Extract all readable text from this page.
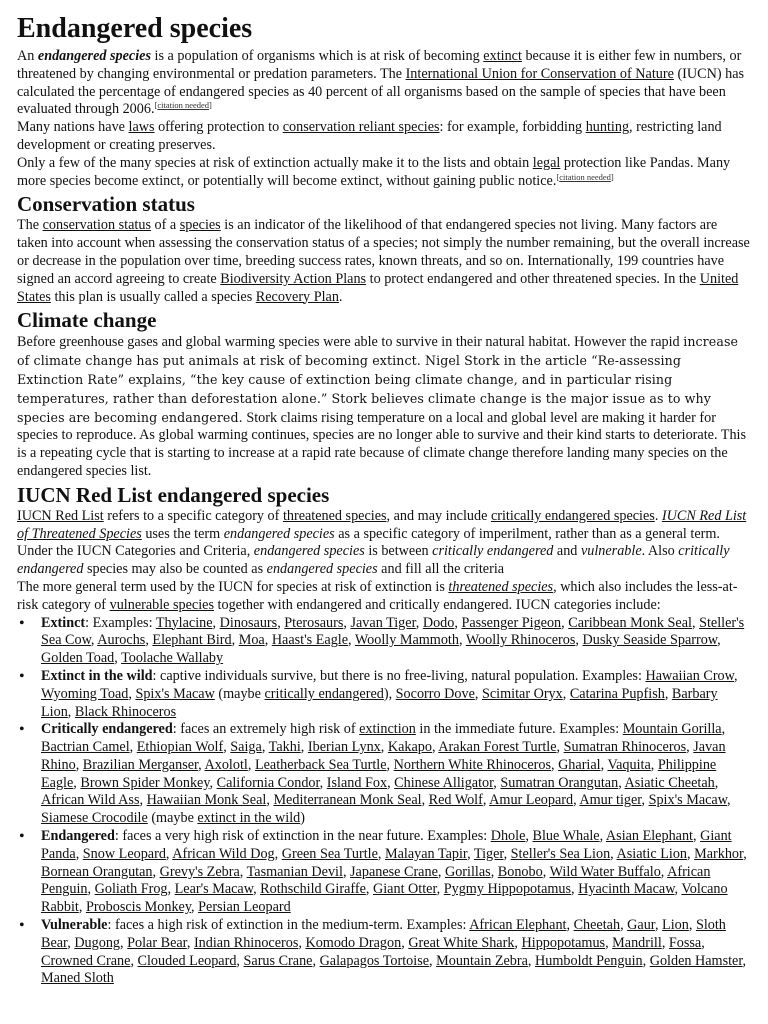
Endangered species

An endangered species is a population of organisms which is at risk of becoming extinct because it is either few in numbers, or threatened by changing environmental or predation parameters. The International Union for Conservation of Nature (IUCN) has calculated the percentage of endangered species as 40 percent of all organisms based on the sample of species that have been evaluated through 2006.[citation needed]

Many nations have laws offering protection to conservation reliant species: for example, forbidding hunting, restricting land development or creating preserves.

Only a few of the many species at risk of extinction actually make it to the lists and obtain legal protection like Pandas. Many more species become extinct, or potentially will become extinct, without gaining public notice.[citation needed]

Conservation status

The conservation status of a species is an indicator of the likelihood of that endangered species not living. Many factors are taken into account when assessing the conservation status of a species; not simply the number remaining, but the overall increase or decrease in the population over time, breeding success rates, known threats, and so on. Internationally, 199 countries have signed an accord agreeing to create Biodiversity Action Plans to protect endangered and other threatened species. In the United States this plan is usually called a species Recovery Plan.

Climate change

Before greenhouse gases and global warming species were able to survive in their natural habitat. However the rapid increase of climate change has put animals at risk of becoming extinct. Nigel Stork in the article “Re-assessing Extinction Rate” explains, “the key cause of extinction being climate change, and in particular rising temperatures, rather than deforestation alone.” Stork believes climate change is the major issue as to why species are becoming endangered. Stork claims rising temperature on a local and global level are making it harder for species to reproduce. As global warming continues, species are no longer able to survive and their kind starts to deteriorate. This is a repeating cycle that is starting to increase at a rapid rate because of climate change therefore landing many species on the endangered species list.

IUCN Red List endangered species

IUCN Red List refers to a specific category of threatened species, and may include critically endangered species. IUCN Red List of Threatened Species uses the term endangered species as a specific category of imperilment, rather than as a general term. Under the IUCN Categories and Criteria, endangered species is between critically endangered and vulnerable. Also critically endangered species may also be counted as endangered species and fill all the criteria

The more general term used by the IUCN for species at risk of extinction is threatened species, which also includes the less-at-risk category of vulnerable species together with endangered and critically endangered. IUCN categories include:

• Extinct: Examples: Thylacine, Dinosaurs, Pterosaurs, Javan Tiger, Dodo, Passenger Pigeon, Caribbean Monk Seal, Steller's Sea Cow, Aurochs, Elephant Bird, Moa, Haast's Eagle, Woolly Mammoth, Woolly Rhinoceros, Dusky Seaside Sparrow, Golden Toad, Toolache Wallaby
• Extinct in the wild: captive individuals survive, but there is no free-living, natural population. Examples: Hawaiian Crow, Wyoming Toad, Spix's Macaw (maybe critically endangered), Socorro Dove, Scimitar Oryx, Catarina Pupfish, Barbary Lion, Black Rhinoceros
• Critically endangered: faces an extremely high risk of extinction in the immediate future. Examples: Mountain Gorilla, Bactrian Camel, Ethiopian Wolf, Saiga, Takhi, Iberian Lynx, Kakapo, Arakan Forest Turtle, Sumatran Rhinoceros, Javan Rhino, Brazilian Merganser, Axolotl, Leatherback Sea Turtle, Northern White Rhinoceros, Gharial, Vaquita, Philippine Eagle, Brown Spider Monkey, California Condor, Island Fox, Chinese Alligator, Sumatran Orangutan, Asiatic Cheetah, African Wild Ass, Hawaiian Monk Seal, Mediterranean Monk Seal, Red Wolf, Amur Leopard, Amur tiger, Spix's Macaw, Siamese Crocodile (maybe extinct in the wild)
• Endangered: faces a very high risk of extinction in the near future. Examples: Dhole, Blue Whale, Asian Elephant, Giant Panda, Snow Leopard, African Wild Dog, Green Sea Turtle, Malayan Tapir, Tiger, Steller's Sea Lion, Asiatic Lion, Markhor, Bornean Orangutan, Grevy's Zebra, Tasmanian Devil, Japanese Crane, Gorillas, Bonobo, Wild Water Buffalo, African Penguin, Goliath Frog, Lear's Macaw, Rothschild Giraffe, Giant Otter, Pygmy Hippopotamus, Hyacinth Macaw, Volcano Rabbit, Proboscis Monkey, Persian Leopard
• Vulnerable: faces a high risk of extinction in the medium-term. Examples: African Elephant, Cheetah, Gaur, Lion, Sloth Bear, Dugong, Polar Bear, Indian Rhinoceros, Komodo Dragon, Great White Shark, Hippopotamus, Mandrill, Fossa, Crowned Crane, Clouded Leopard, Sarus Crane, Galapagos Tortoise, Mountain Zebra, Humboldt Penguin, Golden Hamster, Maned Sloth
